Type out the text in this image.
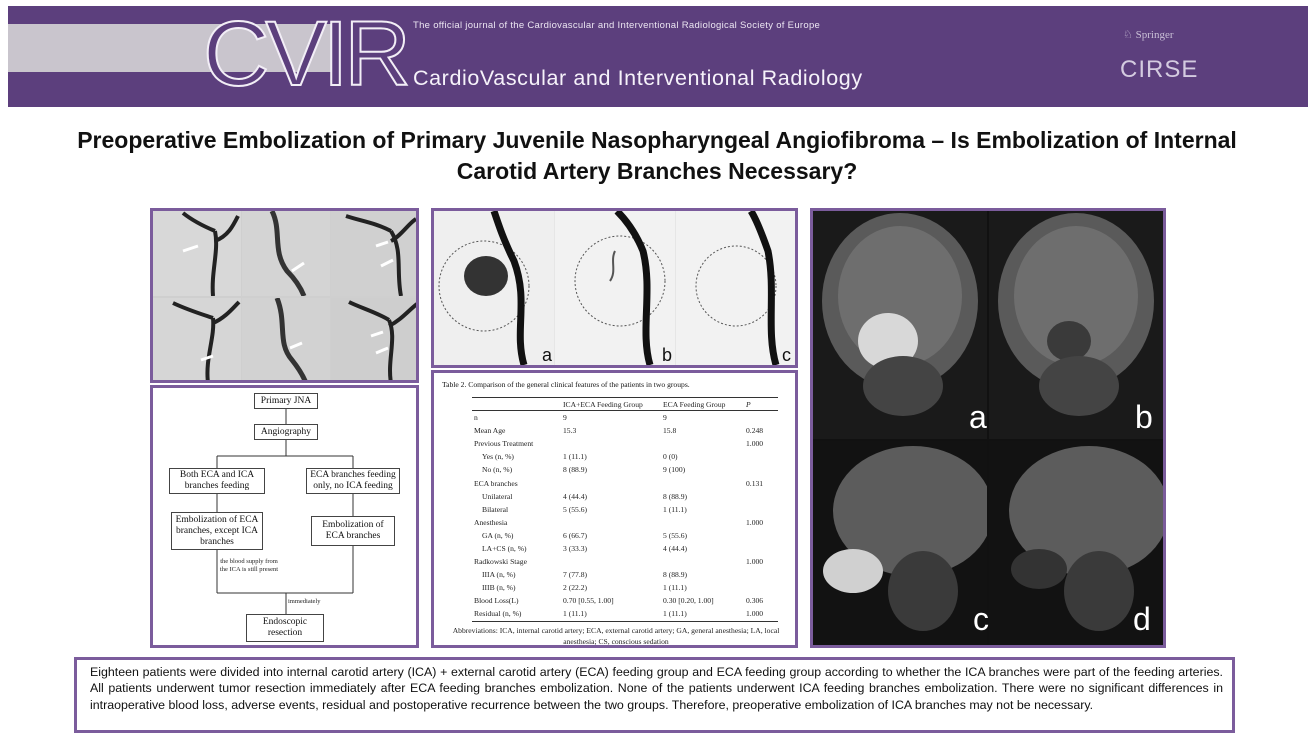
CVIR The official journal of the Cardiovascular and Interventional Radiological Society of Europe
CardioVascular and Interventional Radiology
♘ Springer
CIRSE
Preoperative Embolization of Primary Juvenile Nasopharyngeal Angiofibroma – Is Embolization of Internal Carotid Artery Branches Necessary?
a	b	c
Primary JNA
Angiography
Both ECA and ICA branches feeding
ECA branches feeding only, no ICA feeding
Embolization of ECA branches, except ICA branches
Embolization of ECA branches
the blood supply from the ICA is still present
immediately
Endoscopic resection
Table 2. Comparison of the general clinical features of the patients in two groups.
	ICA+ECA Feeding Group	ECA Feeding Group	P
n	9	9	
Mean Age	15.3	15.8	0.248
Previous Treatment			1.000
Yes (n, %)	1 (11.1)	0 (0)	
No (n, %)	8 (88.9)	9 (100)	
ECA branches			0.131
Unilateral	4 (44.4)	8 (88.9)	
Bilateral	5 (55.6)	1 (11.1)	
Anesthesia			1.000
GA (n, %)	6 (66.7)	5 (55.6)	
LA+CS (n, %)	3 (33.3)	4 (44.4)	
Radkowski Stage			1.000
IIIA (n, %)	7 (77.8)	8 (88.9)	
IIIB (n, %)	2 (22.2)	1 (11.1)	
Blood Loss(L)	0.70 [0.55, 1.00]	0.30 [0.20, 1.00]	0.306
Residual (n, %)	1 (11.1)	1 (11.1)	1.000
Abbreviations: ICA, internal carotid artery; ECA, external carotid artery; GA, general anesthesia; LA, local anesthesia; CS, conscious sedation
a	b
c	d
Eighteen patients were divided into internal carotid artery (ICA) + external carotid artery (ECA) feeding group and ECA feeding group according to whether the ICA branches were part of the feeding arteries. All patients underwent tumor resection immediately after ECA feeding branches embolization. None of the patients underwent ICA feeding branches embolization. There were no significant differences in intraoperative blood loss, adverse events, residual and postoperative recurrence between the two groups. Therefore, preoperative embolization of ICA branches may not be necessary.
